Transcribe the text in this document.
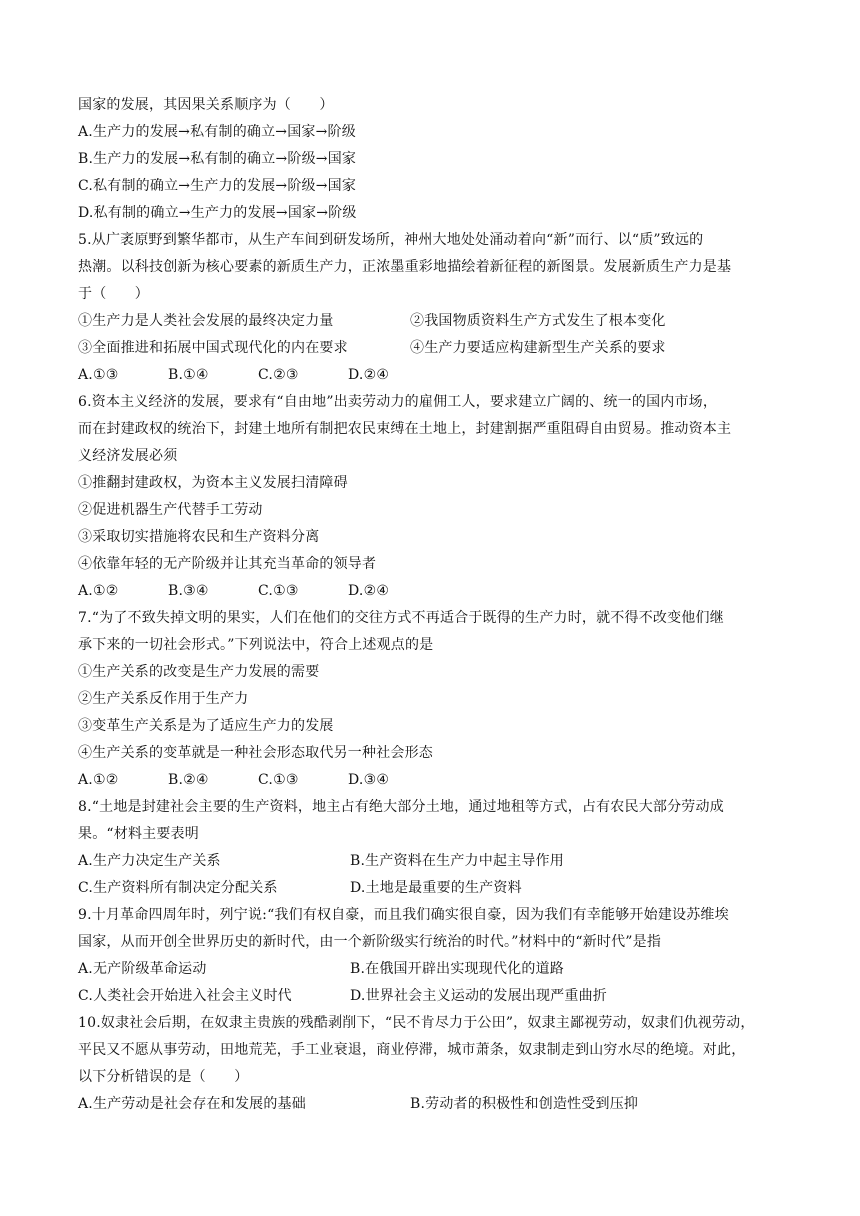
国家的发展，其因果关系顺序为（　　）
A.生产力的发展→私有制的确立→国家→阶级
B.生产力的发展→私有制的确立→阶级→国家
C.私有制的确立→生产力的发展→阶级→国家
D.私有制的确立→生产力的发展→国家→阶级
5.从广袤原野到繁华都市，从生产车间到研发场所，神州大地处处涌动着向“新”而行、以“质”致远的
热潮。以科技创新为核心要素的新质生产力，正浓墨重彩地描绘着新征程的新图景。发展新质生产力是基
于（　　）
①生产力是人类社会发展的最终决定力量	②我国物质资料生产方式发生了根本变化
③全面推进和拓展中国式现代化的内在要求	④生产力要适应构建新型生产关系的要求
A.①③	B.①④	C.②③	D.②④
6.资本主义经济的发展，要求有“自由地”出卖劳动力的雇佣工人，要求建立广阔的、统一的国内市场，
而在封建政权的统治下，封建土地所有制把农民束缚在土地上，封建割据严重阻碍自由贸易。推动资本主
义经济发展必须
①推翻封建政权，为资本主义发展扫清障碍
②促进机器生产代替手工劳动
③采取切实措施将农民和生产资料分离
④依靠年轻的无产阶级并让其充当革命的领导者
A.①②	B.③④	C.①③	D.②④
7.“为了不致失掉文明的果实，人们在他们的交往方式不再适合于既得的生产力时，就不得不改变他们继
承下来的一切社会形式。”下列说法中，符合上述观点的是
①生产关系的改变是生产力发展的需要
②生产关系反作用于生产力
③变革生产关系是为了适应生产力的发展
④生产关系的变革就是一种社会形态取代另一种社会形态
A.①②	B.②④	C.①③	D.③④
8.“土地是封建社会主要的生产资料，地主占有绝大部分土地，通过地租等方式，占有农民大部分劳动成
果。“材料主要表明
A.生产力决定生产关系	B.生产资料在生产力中起主导作用
C.生产资料所有制决定分配关系	D.土地是最重要的生产资料
9.十月革命四周年时，列宁说:“我们有权自豪，而且我们确实很自豪，因为我们有幸能够开始建设苏维埃
国家，从而开创全世界历史的新时代，由一个新阶级实行统治的时代。”材料中的“新时代”是指
A.无产阶级革命运动	B.在俄国开辟出实现现代化的道路
C.人类社会开始进入社会主义时代	D.世界社会主义运动的发展出现严重曲折
10.奴隶社会后期，在奴隶主贵族的残酷剥削下，“民不肯尽力于公田”，奴隶主鄙视劳动，奴隶们仇视劳动，
平民又不愿从事劳动，田地荒芜，手工业衰退，商业停滞，城市萧条，奴隶制走到山穷水尽的绝境。对此，
以下分析错误的是（　　）
A.生产劳动是社会存在和发展的基础	B.劳动者的积极性和创造性受到压抑
